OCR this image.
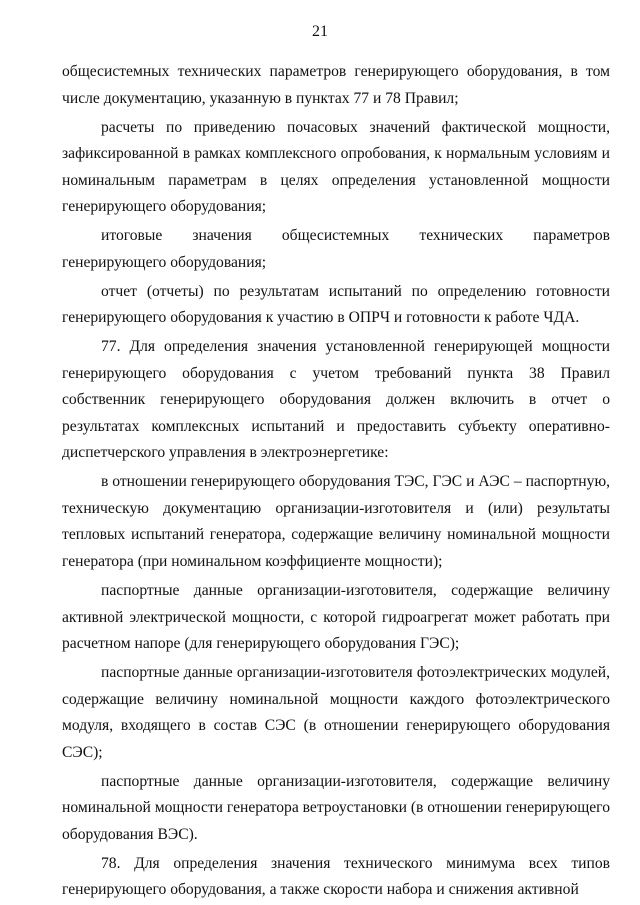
21

общесистемных технических параметров генерирующего оборудования, в том числе документацию, указанную в пунктах 77 и 78 Правил;

расчеты по приведению почасовых значений фактической мощности, зафиксированной в рамках комплексного опробования, к нормальным условиям и номинальным параметрам в целях определения установленной мощности генерирующего оборудования;

итоговые значения общесистемных технических параметров генерирующего оборудования;

отчет (отчеты) по результатам испытаний по определению готовности генерирующего оборудования к участию в ОПРЧ и готовности к работе ЧДА.

77. Для определения значения установленной генерирующей мощности генерирующего оборудования с учетом требований пункта 38 Правил собственник генерирующего оборудования должен включить в отчет о результатах комплексных испытаний и предоставить субъекту оперативно-диспетчерского управления в электроэнергетике:

в отношении генерирующего оборудования ТЭС, ГЭС и АЭС – паспортную, техническую документацию организации-изготовителя и (или) результаты тепловых испытаний генератора, содержащие величину номинальной мощности генератора (при номинальном коэффициенте мощности);

паспортные данные организации-изготовителя, содержащие величину активной электрической мощности, с которой гидроагрегат может работать при расчетном напоре (для генерирующего оборудования ГЭС);

паспортные данные организации-изготовителя фотоэлектрических модулей, содержащие величину номинальной мощности каждого фотоэлектрического модуля, входящего в состав СЭС (в отношении генерирующего оборудования СЭС);

паспортные данные организации-изготовителя, содержащие величину номинальной мощности генератора ветроустановки (в отношении генерирующего оборудования ВЭС).

78. Для определения значения технического минимума всех типов генерирующего оборудования, а также скорости набора и снижения активной
